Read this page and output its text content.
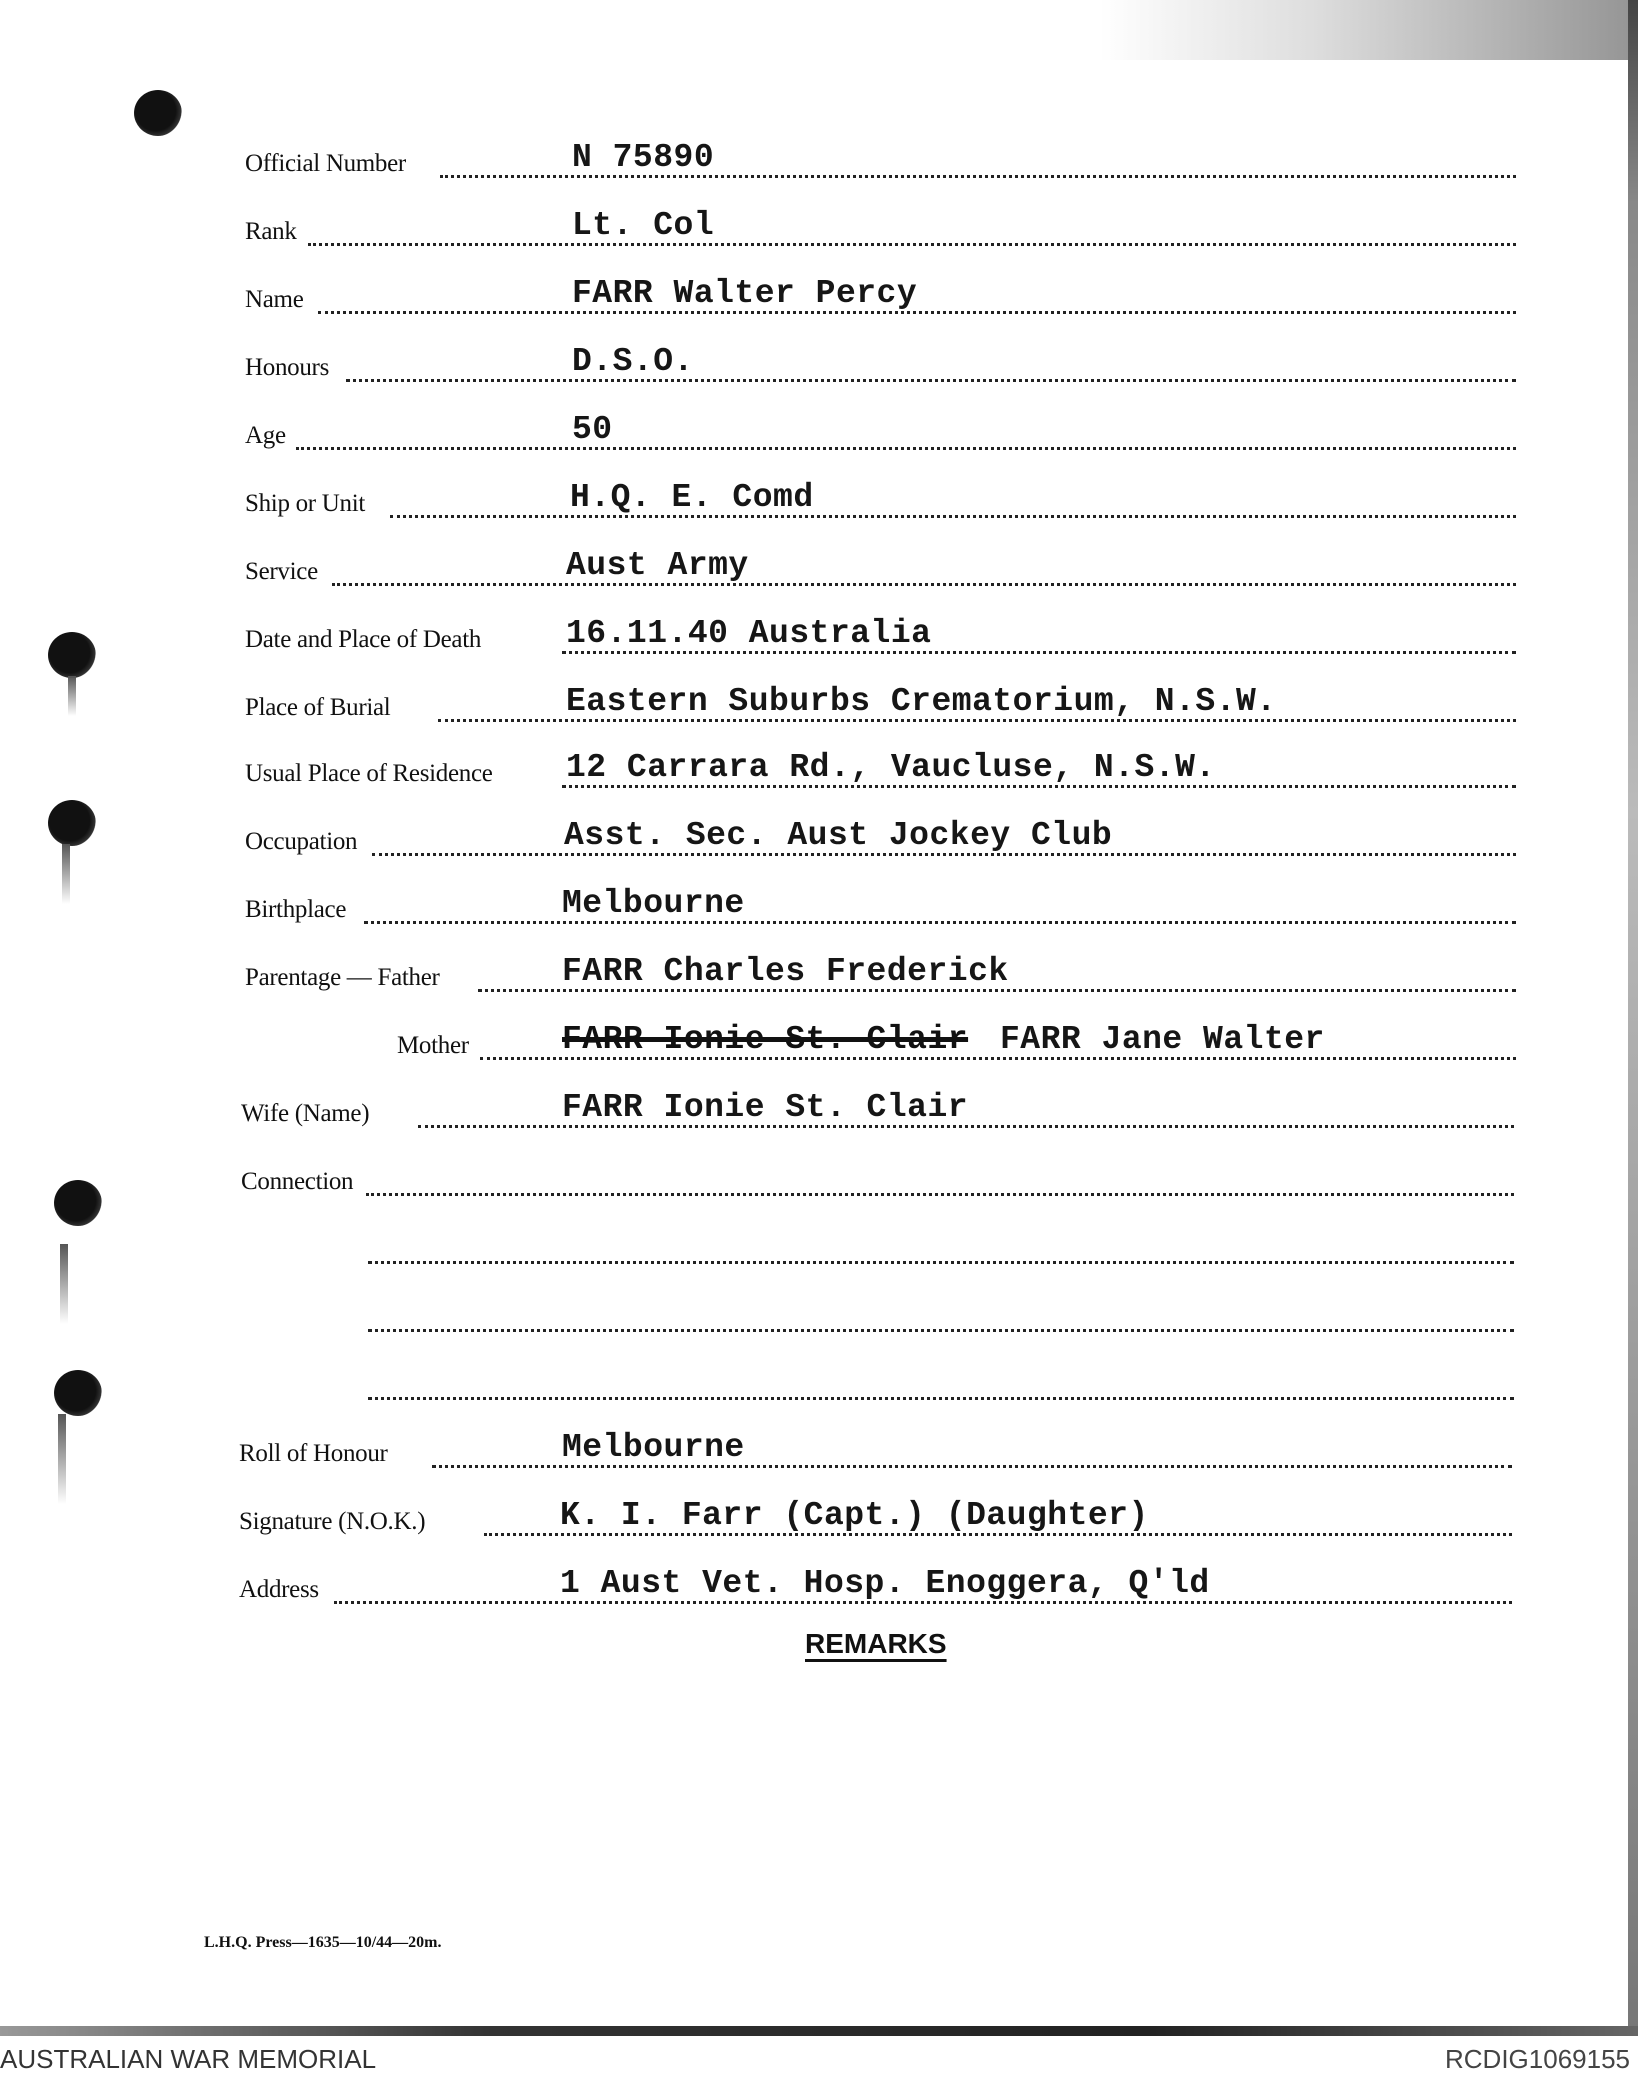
Official Number	N 75890
Rank	Lt. Col
Name	FARR Walter Percy
Honours	D.S.O.
Age	50
Ship or Unit	H.Q. E. Comd
Service	Aust Army
Date and Place of Death	16.11.40 Australia
Place of Burial	Eastern Suburbs Crematorium, N.S.W.
Usual Place of Residence 12 Carrara Rd., Vaucluse, N.S.W.
Occupation	Asst. Sec. Aust Jockey Club
Birthplace	Melbourne
Parentage — Father	FARR Charles Frederick
Mother	FARR Ionie St. Clair FARR Jane Walter
Wife (Name)	FARR Ionie St. Clair
Connection
Roll of Honour	Melbourne
Signature (N.O.K.)	K. I. Farr (Capt.) (Daughter)
Address	1 Aust Vet. Hosp. Enoggera, Q'ld
REMARKS
L.H.Q. Press—1635—10/44—20m.
AUSTRALIAN WAR MEMORIAL	RCDIG1069155
